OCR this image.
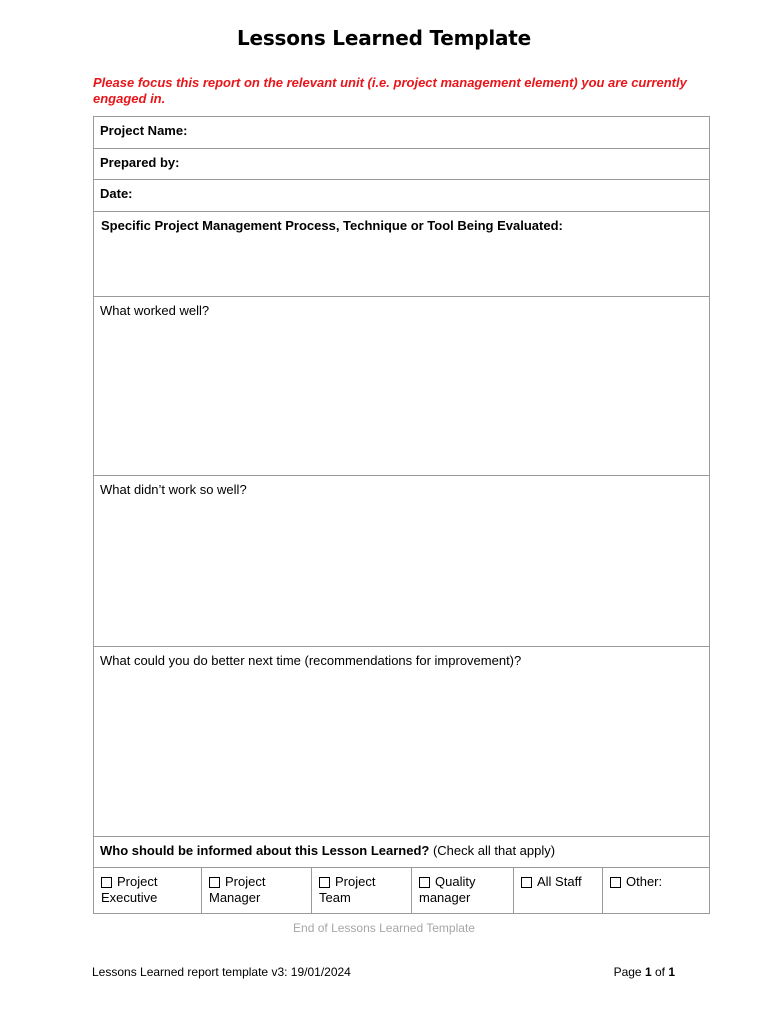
Lessons Learned Template
Please focus this report on the relevant unit (i.e. project management element) you are currently engaged in.
Project Name:
Prepared by:
Date:
Specific Project Management Process, Technique or Tool Being Evaluated:
What worked well?
What didn’t work so well?
What could you do better next time (recommendations for improvement)?
Who should be informed about this Lesson Learned? (Check all that apply)
Project
Executive
Project
Manager
Project
Team
Quality
manager
All Staff	Other:
End of Lessons Learned Template
Lessons Learned report template v3: 19/01/2024	Page 1 of 1
